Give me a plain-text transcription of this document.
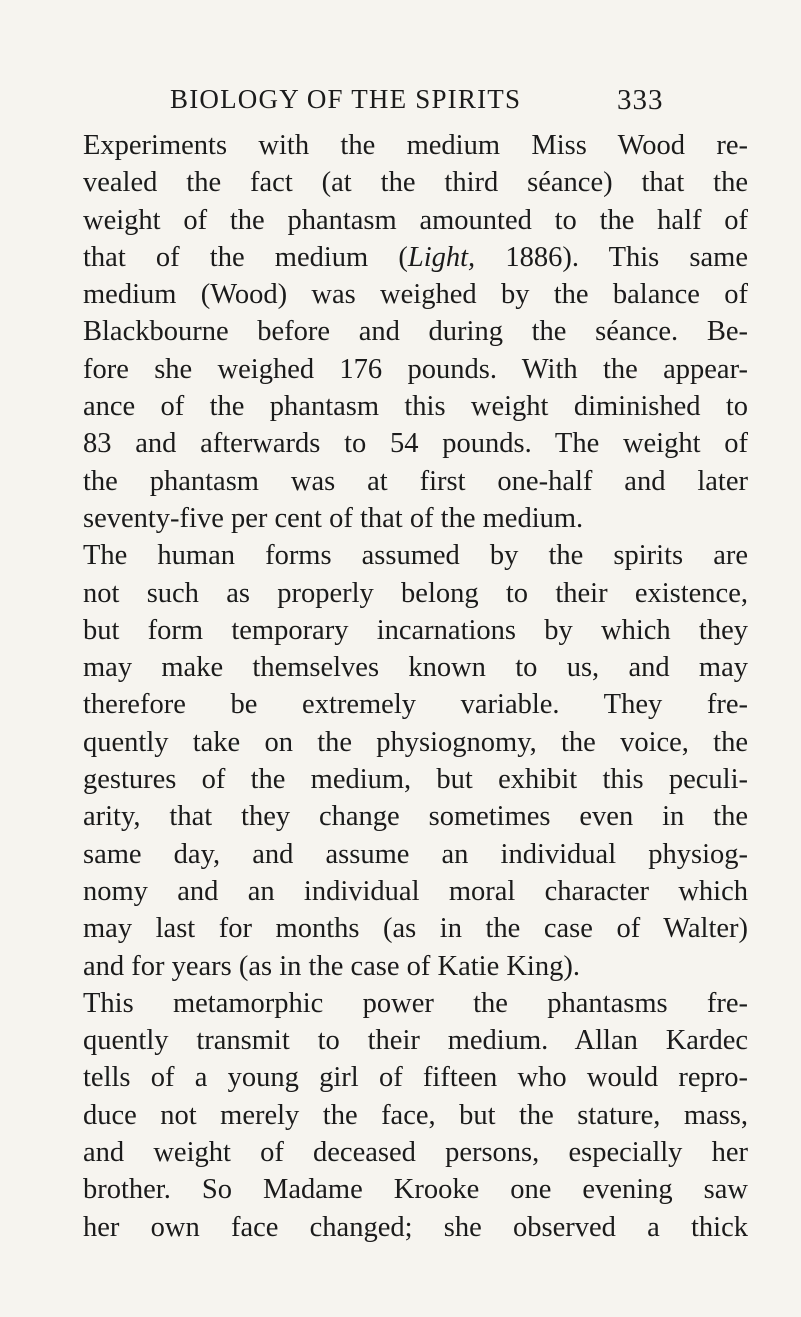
BIOLOGY OF THE SPIRITS	333
Experiments with the medium Miss Wood re-
vealed the fact (at the third séance) that the
weight of the phantasm amounted to the half of
that of the medium (Light, 1886). This same
medium (Wood) was weighed by the balance of
Blackbourne before and during the séance. Be-
fore she weighed 176 pounds. With the appear-
ance of the phantasm this weight diminished to
83 and afterwards to 54 pounds. The weight of
the phantasm was at first one-half and later
seventy-five per cent of that of the medium.
The human forms assumed by the spirits are
not such as properly belong to their existence,
but form temporary incarnations by which they
may make themselves known to us, and may
therefore be extremely variable. They fre-
quently take on the physiognomy, the voice, the
gestures of the medium, but exhibit this peculi-
arity, that they change sometimes even in the
same day, and assume an individual physiog-
nomy and an individual moral character which
may last for months (as in the case of Walter)
and for years (as in the case of Katie King).
This metamorphic power the phantasms fre-
quently transmit to their medium. Allan Kardec
tells of a young girl of fifteen who would repro-
duce not merely the face, but the stature, mass,
and weight of deceased persons, especially her
brother. So Madame Krooke one evening saw
her own face changed; she observed a thick
